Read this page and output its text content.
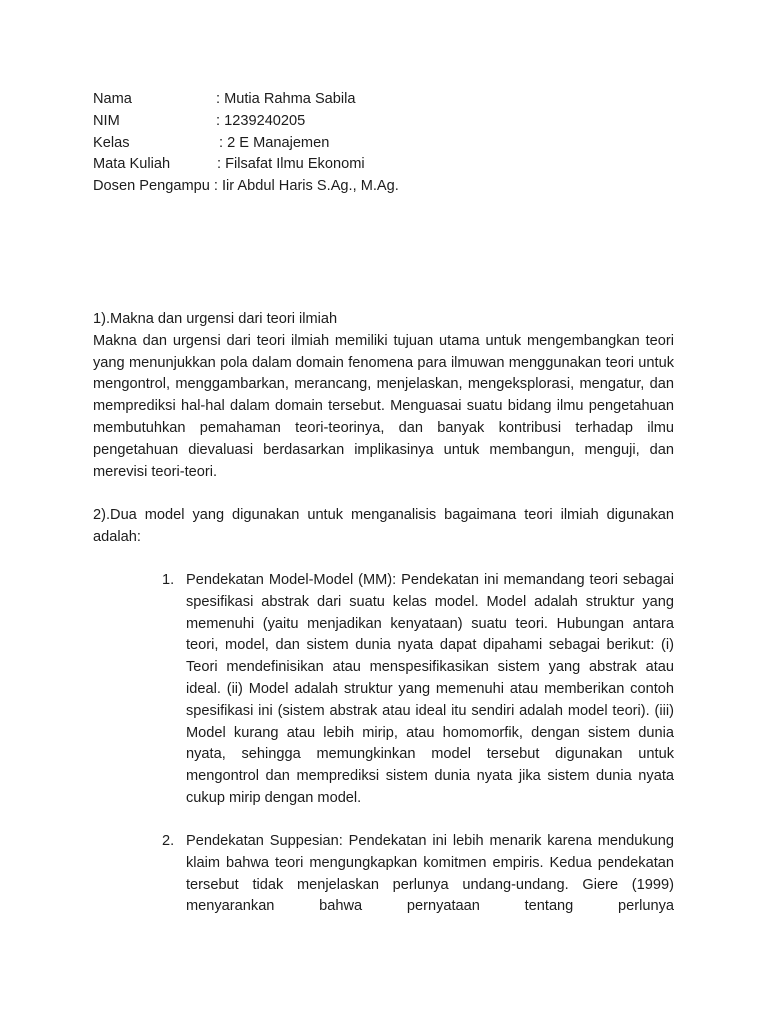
Nama	: Mutia Rahma Sabila
NIM	: 1239240205
Kelas	: 2 E Manajemen
Mata Kuliah	: Filsafat Ilmu Ekonomi
Dosen Pengampu : Iir Abdul Haris S.Ag., M.Ag.

1).Makna dan urgensi dari teori ilmiah

Makna dan urgensi dari teori ilmiah memiliki tujuan utama untuk mengembangkan teori yang menunjukkan pola dalam domain fenomena para ilmuwan menggunakan teori untuk mengontrol, menggambarkan, merancang, menjelaskan, mengeksplorasi, mengatur, dan memprediksi hal-hal dalam domain tersebut. Menguasai suatu bidang ilmu pengetahuan membutuhkan pemahaman teori-teorinya, dan banyak kontribusi terhadap ilmu pengetahuan dievaluasi berdasarkan implikasinya untuk membangun, menguji, dan merevisi teori-teori.

2).Dua model yang digunakan untuk menganalisis bagaimana teori ilmiah digunakan adalah:

1. Pendekatan Model-Model (MM): Pendekatan ini memandang teori sebagai spesifikasi abstrak dari suatu kelas model. Model adalah struktur yang memenuhi (yaitu menjadikan kenyataan) suatu teori. Hubungan antara teori, model, dan sistem dunia nyata dapat dipahami sebagai berikut: (i) Teori mendefinisikan atau menspesifikasikan sistem yang abstrak atau ideal. (ii) Model adalah struktur yang memenuhi atau memberikan contoh spesifikasi ini (sistem abstrak atau ideal itu sendiri adalah model teori). (iii) Model kurang atau lebih mirip, atau homomorfik, dengan sistem dunia nyata, sehingga memungkinkan model tersebut digunakan untuk mengontrol dan memprediksi sistem dunia nyata jika sistem dunia nyata cukup mirip dengan model.
2. Pendekatan Suppesian: Pendekatan ini lebih menarik karena mendukung klaim bahwa teori mengungkapkan komitmen empiris. Kedua pendekatan tersebut tidak menjelaskan perlunya undang-undang. Giere (1999) menyarankan bahwa pernyataan tentang perlunya
